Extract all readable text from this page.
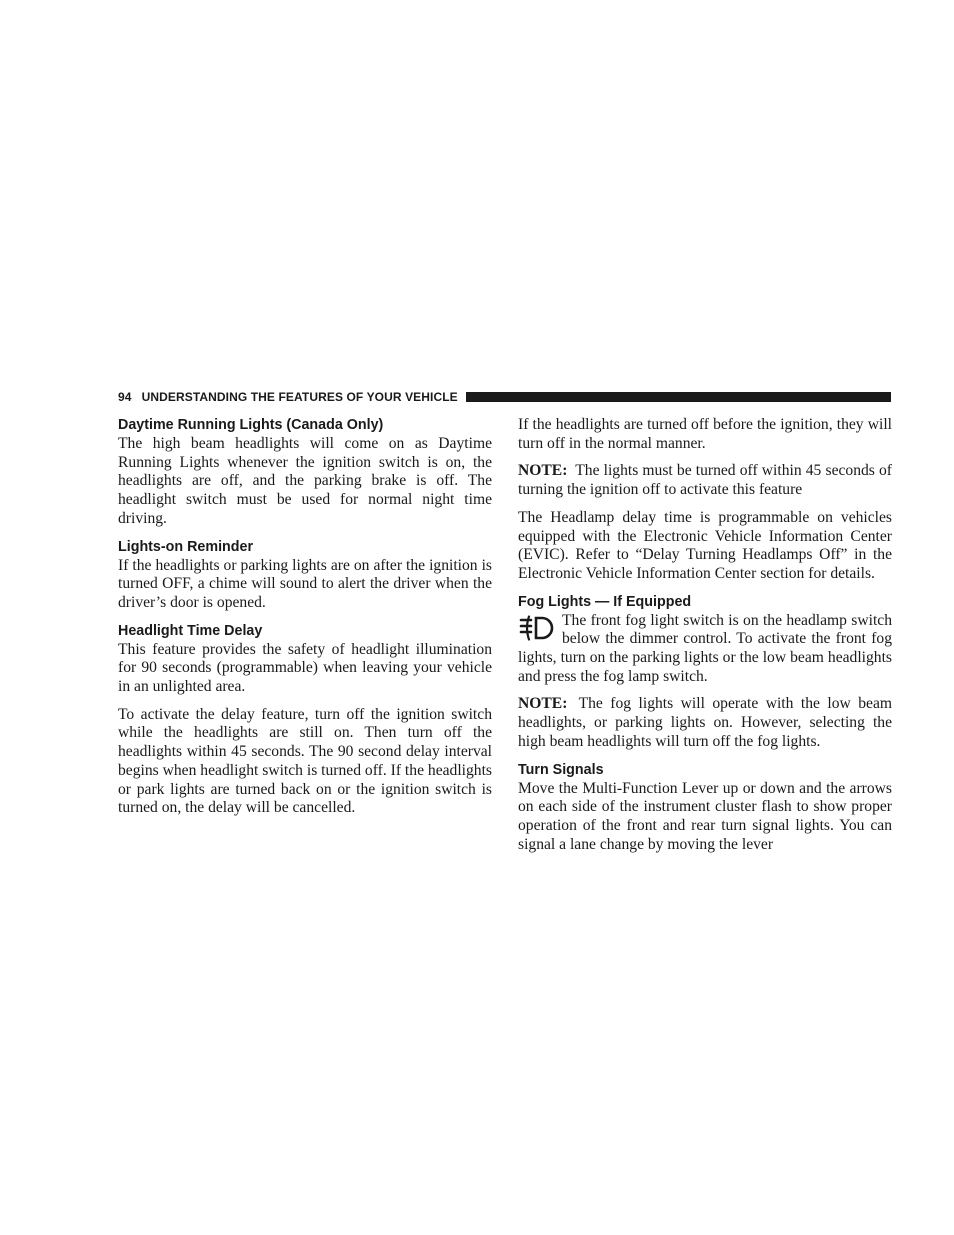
94 UNDERSTANDING THE FEATURES OF YOUR VEHICLE
Daytime Running Lights (Canada Only)

The high beam headlights will come on as Daytime Running Lights whenever the ignition switch is on, the headlights are off, and the parking brake is off. The headlight switch must be used for normal night time driving.

Lights-on Reminder

If the headlights or parking lights are on after the ignition is turned OFF, a chime will sound to alert the driver when the driver’s door is opened.

Headlight Time Delay

This feature provides the safety of headlight illumination for 90 seconds (programmable) when leaving your vehicle in an unlighted area.

To activate the delay feature, turn off the ignition switch while the headlights are still on. Then turn off the headlights within 45 seconds. The 90 second delay interval begins when headlight switch is turned off. If the headlights or park lights are turned back on or the ignition switch is turned on, the delay will be cancelled.

If the headlights are turned off before the ignition, they will turn off in the normal manner.

NOTE: The lights must be turned off within 45 seconds of turning the ignition off to activate this feature

The Headlamp delay time is programmable on vehicles equipped with the Electronic Vehicle Information Center (EVIC). Refer to “Delay Turning Headlamps Off” in the Electronic Vehicle Information Center section for details.

Fog Lights — If Equipped

The front fog light switch is on the headlamp switch below the dimmer control. To activate the front fog lights, turn on the parking lights or the low beam headlights and press the fog lamp switch.

NOTE: The fog lights will operate with the low beam headlights, or parking lights on. However, selecting the high beam headlights will turn off the fog lights.

Turn Signals

Move the Multi-Function Lever up or down and the arrows on each side of the instrument cluster flash to show proper operation of the front and rear turn signal lights. You can signal a lane change by moving the lever
